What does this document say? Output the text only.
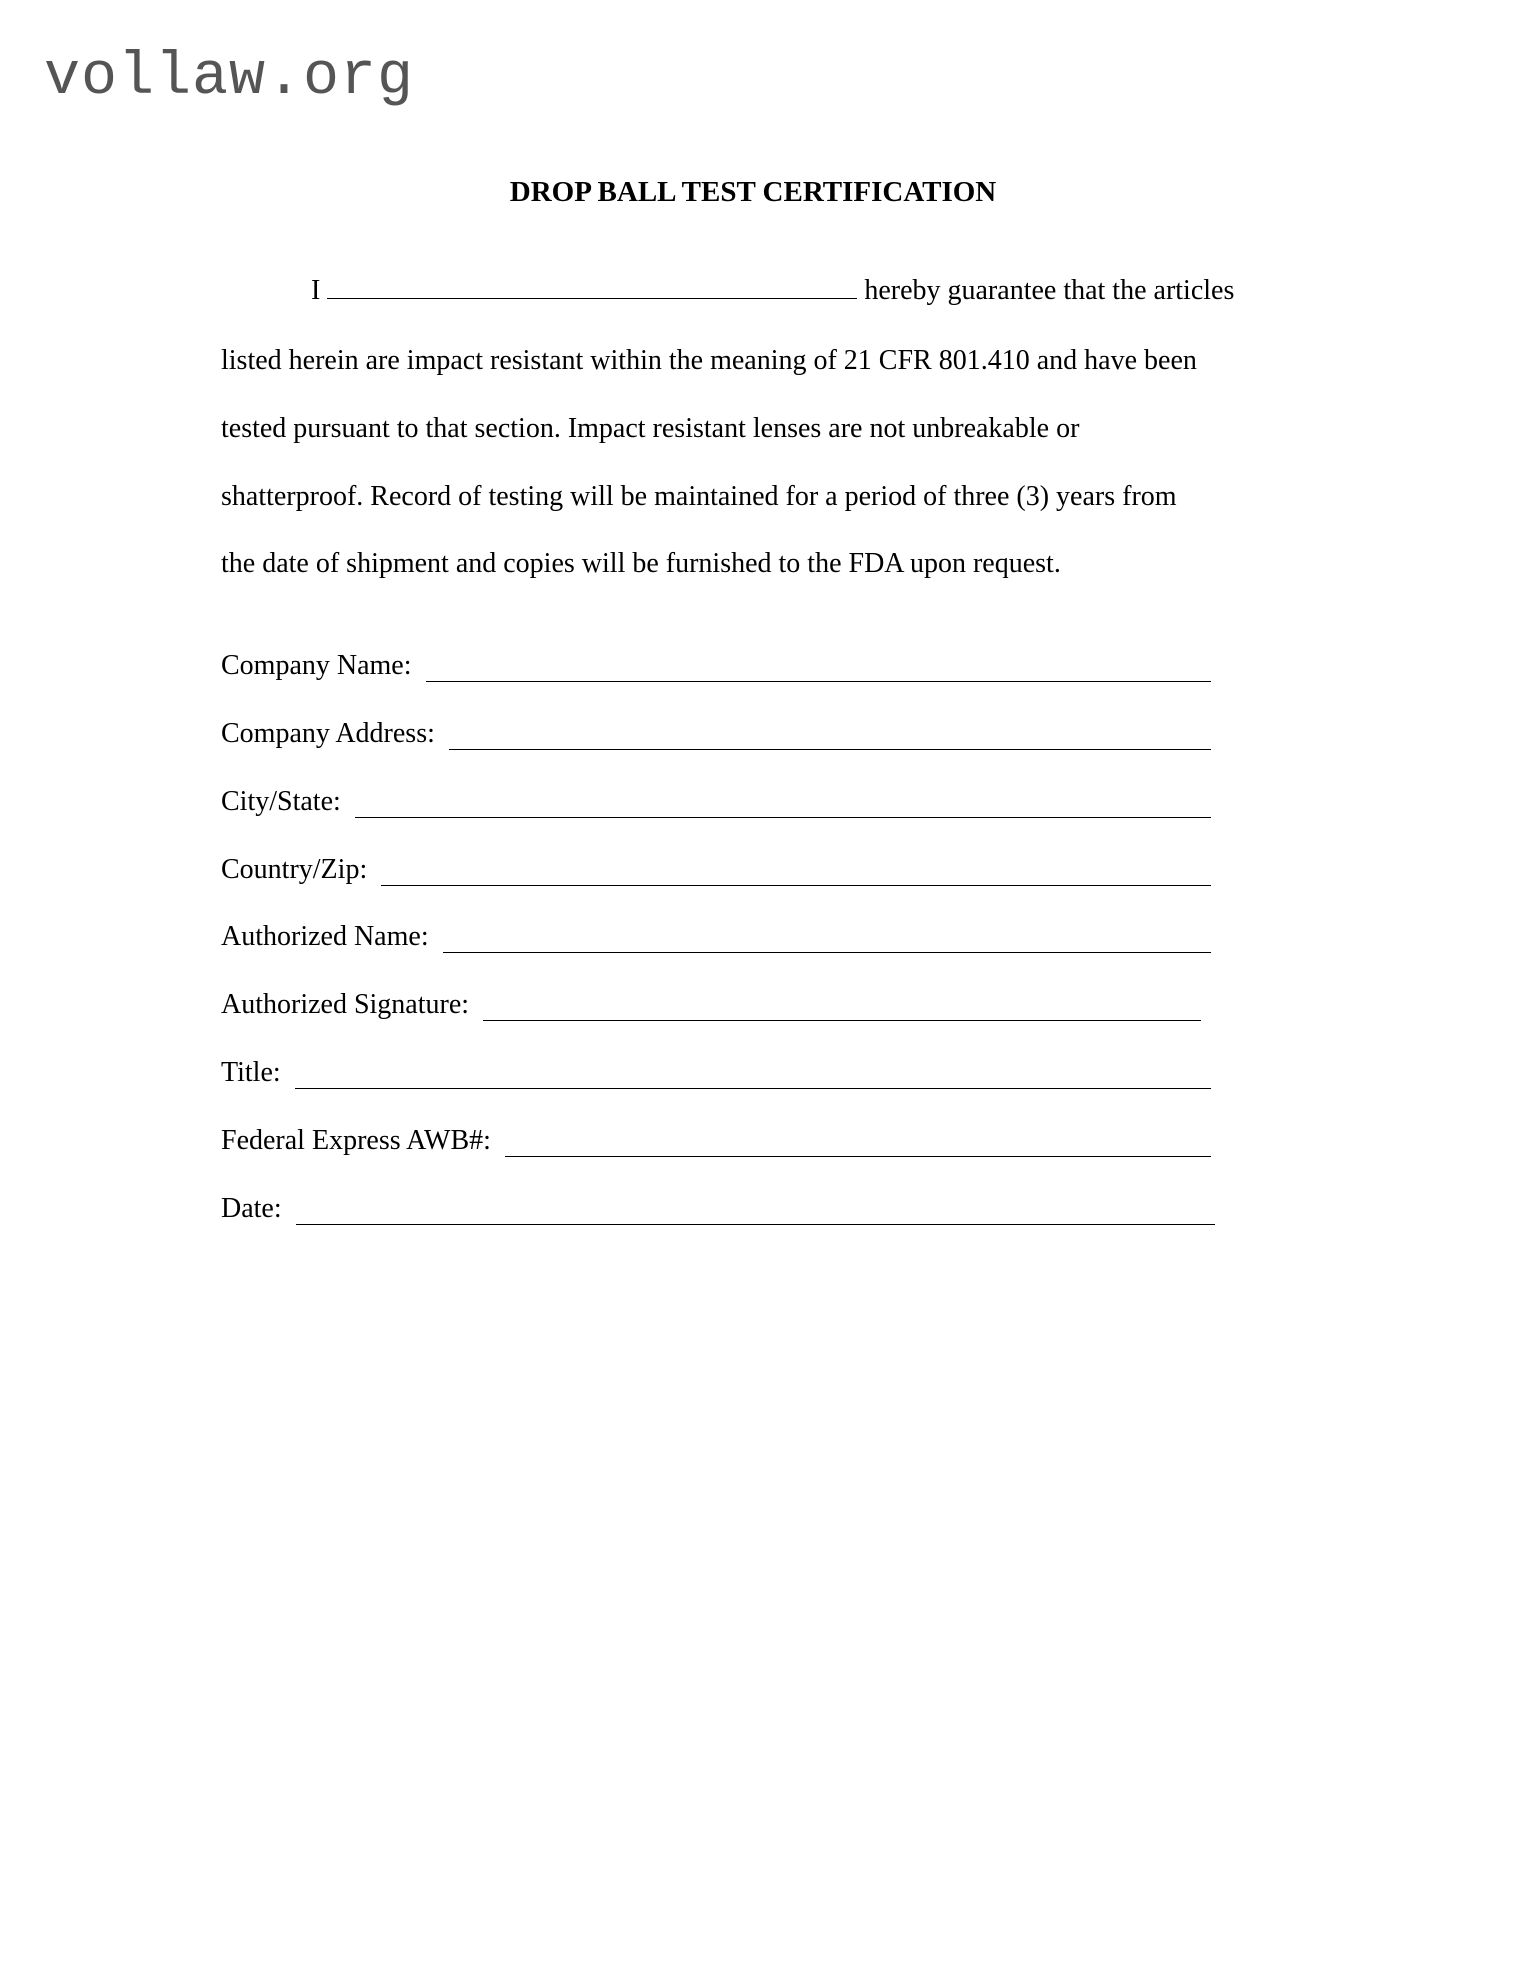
vollaw.org
DROP BALL TEST CERTIFICATION
I	hereby guarantee that the articles
listed herein are impact resistant within the meaning of 21 CFR 801.410 and have been
tested pursuant to that section. Impact resistant lenses are not unbreakable or
shatterproof. Record of testing will be maintained for a period of three (3) years from
the date of shipment and copies will be furnished to the FDA upon request.
Company Name:
Company Address:
City/State:
Country/Zip:
Authorized Name:
Authorized Signature:
Title:
Federal Express AWB#:
Date:
